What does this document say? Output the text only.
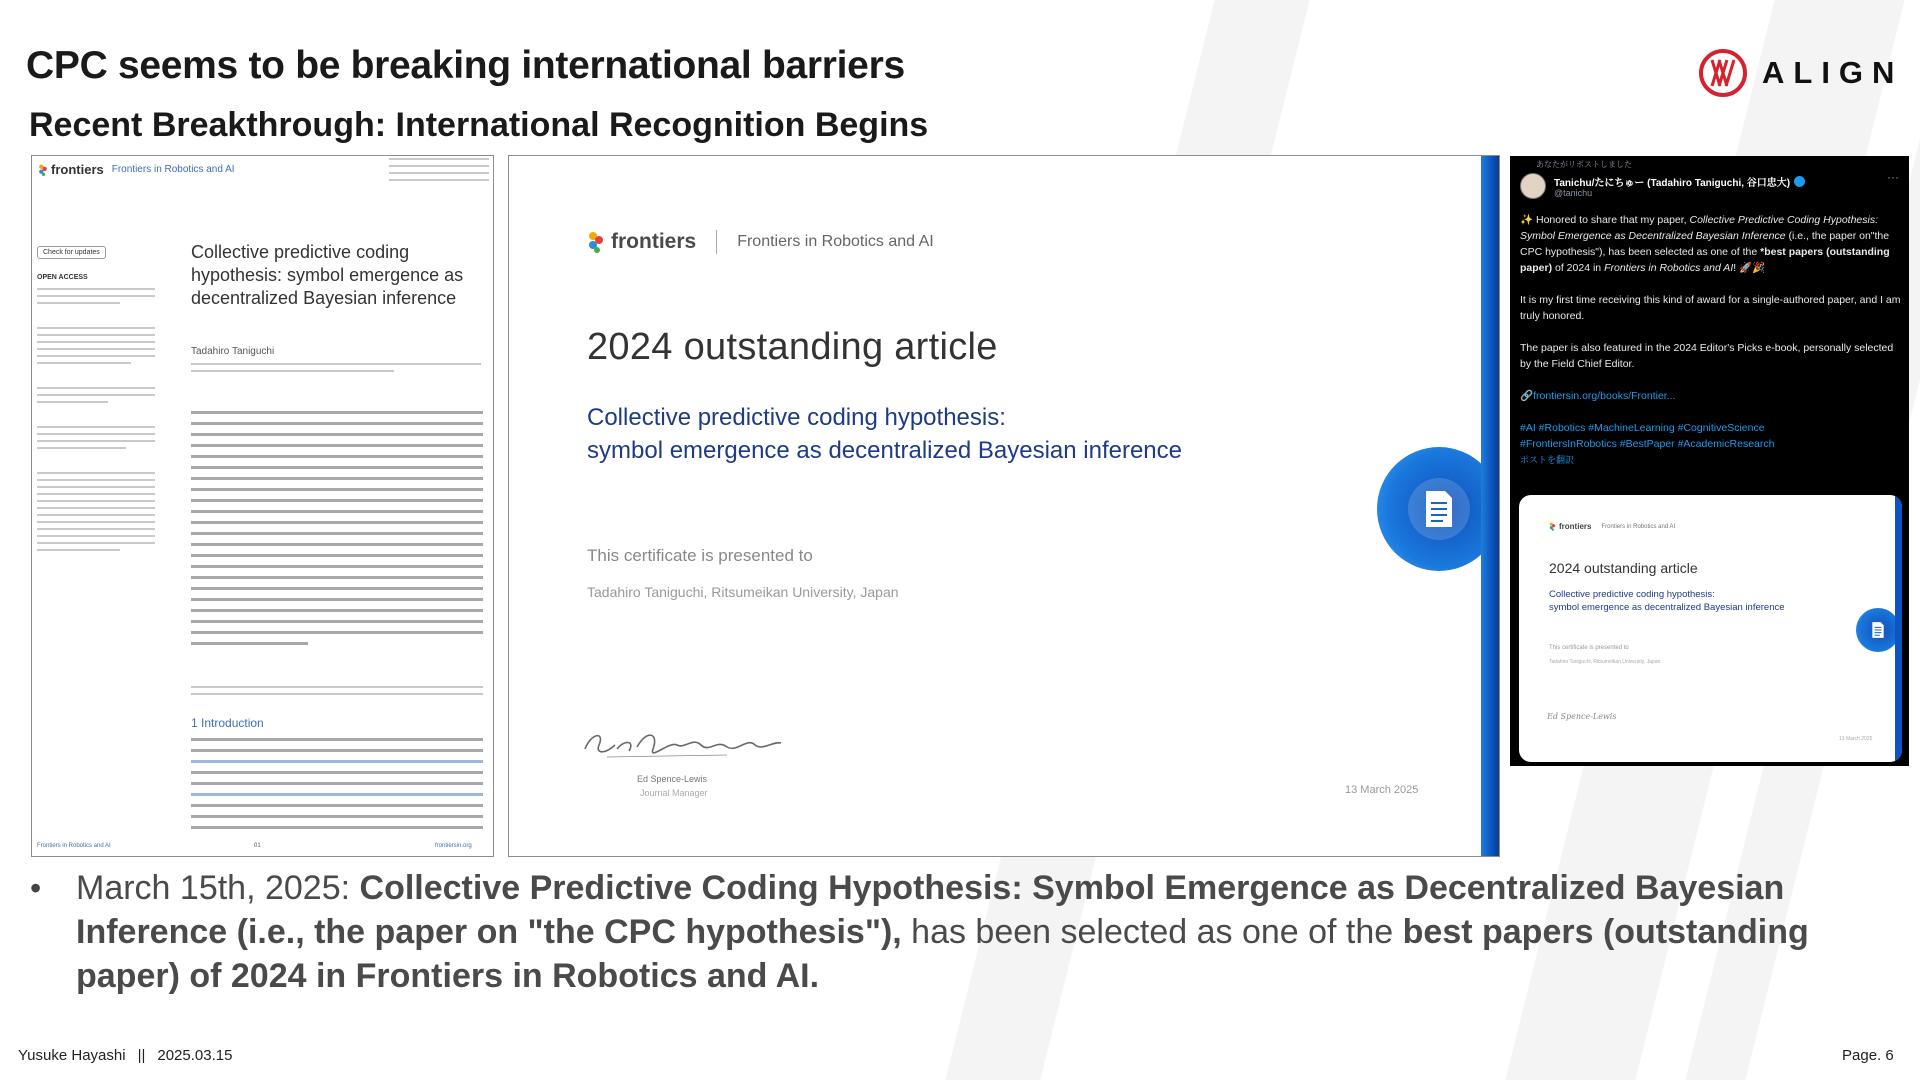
CPC seems to be breaking international barriers
Recent Breakthrough: International Recognition Begins
ALIGN
frontiers Frontiers in Robotics and AI
Check for updates
OPEN ACCESS

Collective predictive coding hypothesis: symbol emergence as decentralized Bayesian inference
Tadahiro Taniguchi
1 Introduction
Frontiers in Robotics and AI	01	frontiersin.org
frontiers	Frontiers in Robotics and AI
2024 outstanding article
Collective predictive coding hypothesis:
symbol emergence as decentralized Bayesian inference
This certificate is presented to
Tadahiro Taniguchi, Ritsumeikan University, Japan
Ed Spence-Lewis
Journal Manager	13 March 2025
あなたがリポストしました
Tanichu/たにちゅー (Tadahiro Taniguchi, 谷口忠大)
@tanichu
···

✨ Honored to share that my paper, Collective Predictive Coding Hypothesis: Symbol Emergence as Decentralized Bayesian Inference (i.e., the paper on"the CPC hypothesis"), has been selected as one of the *best papers (outstanding paper) of 2024 in Frontiers in Robotics and AI! 🚀🎉

It is my first time receiving this kind of award for a single-authored paper, and I am truly honored.

The paper is also featured in the 2024 Editor's Picks e-book, personally selected by the Field Chief Editor.

🔗frontiersin.org/books/Frontier...

#AI #Robotics #MachineLearning #CognitiveScience
#FrontiersInRobotics #BestPaper #AcademicResearch
ポストを翻訳
frontiers Frontiers in Robotics and AI
2024 outstanding article
Collective predictive coding hypothesis:
symbol emergence as decentralized Bayesian inference
This certificate is presented to
Tadahiro Taniguchi, Ritsumeikan University, Japan
Ed Spence-Lewis
13 March 2025
• March 15th, 2025: Collective Predictive Coding Hypothesis: Symbol Emergence as Decentralized Bayesian Inference (i.e., the paper on "the CPC hypothesis"), has been selected as one of the best papers (outstanding paper) of 2024 in Frontiers in Robotics and AI.
Yusuke Hayashi || 2025.03.15	Page. 6
